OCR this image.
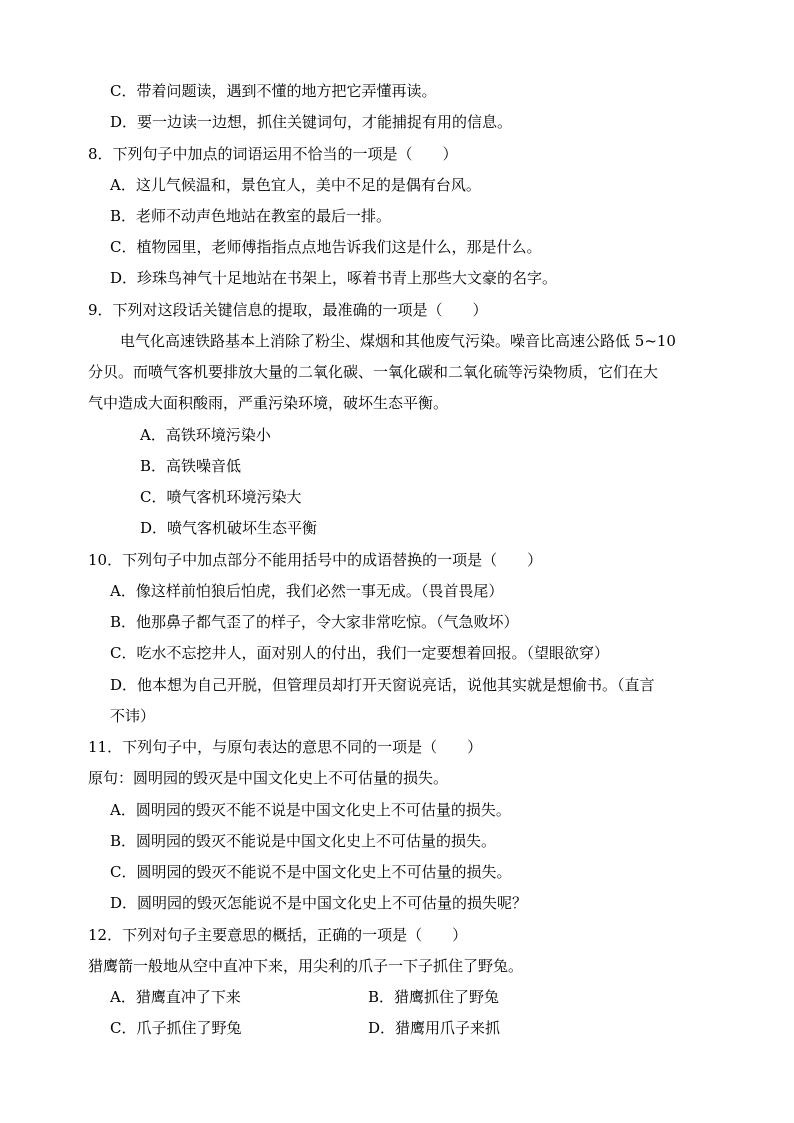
C．带着问题读，遇到不懂的地方把它弄懂再读。
D．要一边读一边想，抓住关键词句，才能捕捉有用的信息。
8．下列句子中加点的词语运用不恰当的一项是（　　）
A．这儿气候温和，景色宜人，美中不足的是偶有台风。
B．老师不动声色地站在教室的最后一排。
C．植物园里，老师傅指指点点地告诉我们这是什么，那是什么。
D．珍珠鸟神气十足地站在书架上，啄着书青上那些大文豪的名字。
9．下列对这段话关键信息的提取，最准确的一项是（　　）
电气化高速铁路基本上消除了粉尘、煤烟和其他废气污染。噪音比高速公路低 5~10
分贝。而喷气客机要排放大量的二氧化碳、一氧化碳和二氧化硫等污染物质，它们在大
气中造成大面积酸雨，严重污染环境，破坏生态平衡。
A．高铁环境污染小
B．高铁噪音低
C．喷气客机环境污染大
D．喷气客机破坏生态平衡
10．下列句子中加点部分不能用括号中的成语替换的一项是（　　）
A．像这样前怕狼后怕虎，我们必然一事无成。（畏首畏尾）
B．他那鼻子都气歪了的样子，令大家非常吃惊。（气急败坏）
C．吃水不忘挖井人，面对别人的付出，我们一定要想着回报。（望眼欲穿）
D．他本想为自己开脱，但管理员却打开天窗说亮话，说他其实就是想偷书。（直言
不讳）
11．下列句子中，与原句表达的意思不同的一项是（　　）
原句：圆明园的毁灭是中国文化史上不可估量的损失。
A．圆明园的毁灭不能不说是中国文化史上不可估量的损失。
B．圆明园的毁灭不能说是中国文化史上不可估量的损失。
C．圆明园的毁灭不能说不是中国文化史上不可估量的损失。
D．圆明园的毁灭怎能说不是中国文化史上不可估量的损失呢？
12．下列对句子主要意思的概括，正确的一项是（　　）
猎鹰箭一般地从空中直冲下来，用尖利的爪子一下子抓住了野兔。
A．猎鹰直冲了下来	B．猎鹰抓住了野兔
C．爪子抓住了野兔	D．猎鹰用爪子来抓
